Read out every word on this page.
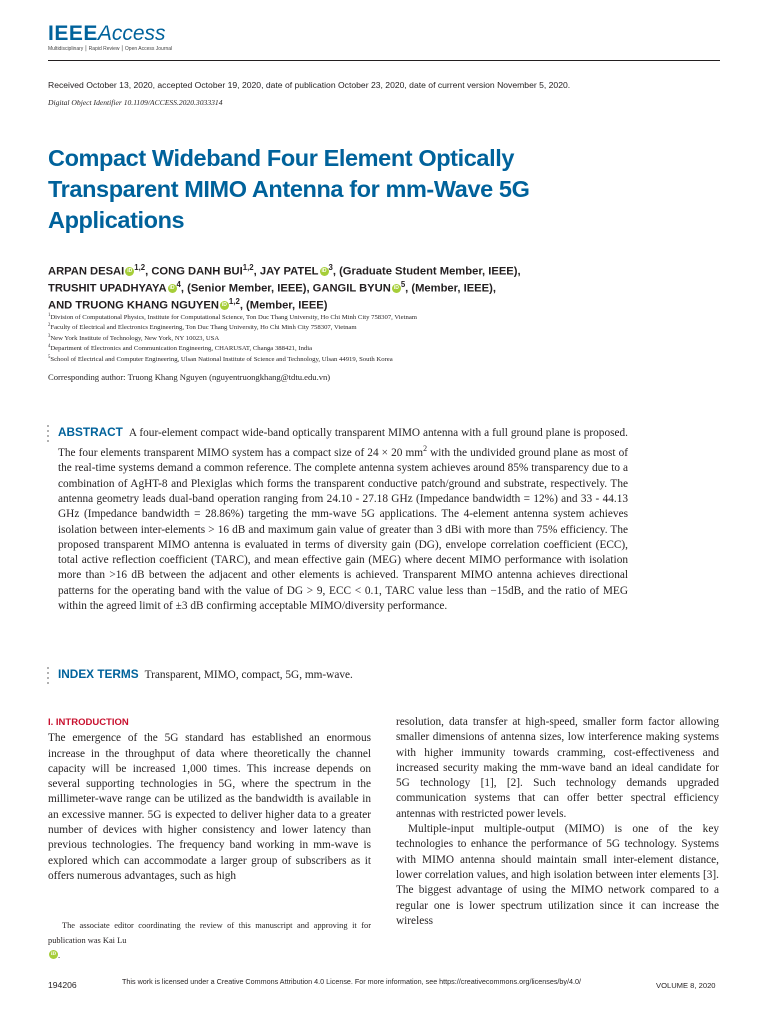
IEEEAccess
Multidisciplinary ⎮ Rapid Review ⎮ Open Access Journal
Received October 13, 2020, accepted October 19, 2020, date of publication October 23, 2020, date of current version November 5, 2020.
Digital Object Identifier 10.1109/ACCESS.2020.3033314
Compact Wideband Four Element Optically Transparent MIMO Antenna for mm-Wave 5G Applications
ARPAN DESAI iD $^{1,2}$, CONG DANH BUI$^{1,2}$, JAY PATEL iD $^3$, (Graduate Student Member, IEEE),
TRUSHIT UPADHYAYA iD $^4$, (Senior Member, IEEE), GANGIL BYUN iD $^5$, (Member, IEEE),
AND TRUONG KHANG NGUYEN iD $^{1,2}$, (Member, IEEE)
$^1$Division of Computational Physics, Institute for Computational Science, Ton Duc Thang University, Ho Chi Minh City 758307, Vietnam
$^2$Faculty of Electrical and Electronics Engineering, Ton Duc Thang University, Ho Chi Minh City 758307, Vietnam
$^3$New York Institute of Technology, New York, NY 10023, USA
$^4$Department of Electronics and Communication Engineering, CHARUSAT, Changa 388421, India
$^5$School of Electrical and Computer Engineering, Ulsan National Institute of Science and Technology, Ulsan 44919, South Korea
Corresponding author: Truong Khang Nguyen (nguyentruongkhang@tdtu.edu.vn)
ABSTRACT A four-element compact wide-band optically transparent MIMO antenna with a full ground plane is proposed. The four elements transparent MIMO system has a compact size of 24 × 20 $mm^2$ with the undivided ground plane as most of the real-time systems demand a common reference. The complete antenna system achieves around 85% transparency due to a combination of AgHT-8 and Plexiglas which forms the transparent conductive patch/ground and substrate, respectively. The antenna geometry leads dual-band operation ranging from 24.10 - 27.18 GHz (Impedance bandwidth = 12%) and 33 - 44.13 GHz (Impedance bandwidth = 28.86%) targeting the mm-wave 5G applications. The 4-element antenna system achieves isolation between inter-elements > 16 dB and maximum gain value of greater than 3 dBi with more than 75% efficiency. The proposed transparent MIMO antenna is evaluated in terms of diversity gain (DG), envelope correlation coefficient (ECC), total active reflection coefficient (TARC), and mean effective gain (MEG) where decent MIMO performance with isolation more than >16 dB between the adjacent and other elements is achieved. Transparent MIMO antenna achieves directional patterns for the operating band with the value of DG > 9, ECC < 0.1, TARC value less than −15dB, and the ratio of MEG within the agreed limit of ±3 dB confirming acceptable MIMO/diversity performance.
INDEX TERMS Transparent, MIMO, compact, 5G, mm-wave.
I. INTRODUCTION

The emergence of the 5G standard has established an enormous increase in the throughput of data where theoretically the channel capacity will be increased 1,000 times. This increase depends on several supporting technologies in 5G, where the spectrum in the millimeter-wave range can be utilized as the bandwidth is available in an excessive manner. 5G is expected to deliver higher data to a greater number of devices with higher consistency and lower latency than previous technologies. The frequency band working in mm-wave is explored which can accommodate a larger group of subscribers as it offers numerous advantages, such as high

The associate editor coordinating the review of this manuscript and approving it for publication was Kai LuiD .

resolution, data transfer at high-speed, smaller form factor allowing smaller dimensions of antenna sizes, low interference making systems with higher immunity towards cramming, cost-effectiveness and increased security making the mm-wave band an ideal candidate for 5G technology [1], [2]. Such technology demands upgraded communication systems that can offer better spectral efficiency antennas with restricted power levels.

Multiple-input multiple-output (MIMO) is one of the key technologies to enhance the performance of 5G technology. Systems with MIMO antenna should maintain small inter-element distance, lower correlation values, and high isolation between inter elements [3]. The biggest advantage of using the MIMO network compared to a regular one is lower spectrum utilization since it can increase the wireless

194206	This work is licensed under a Creative Commons Attribution 4.0 License. For more information, see https://creativecommons.org/licenses/by/4.0/	VOLUME 8, 2020
